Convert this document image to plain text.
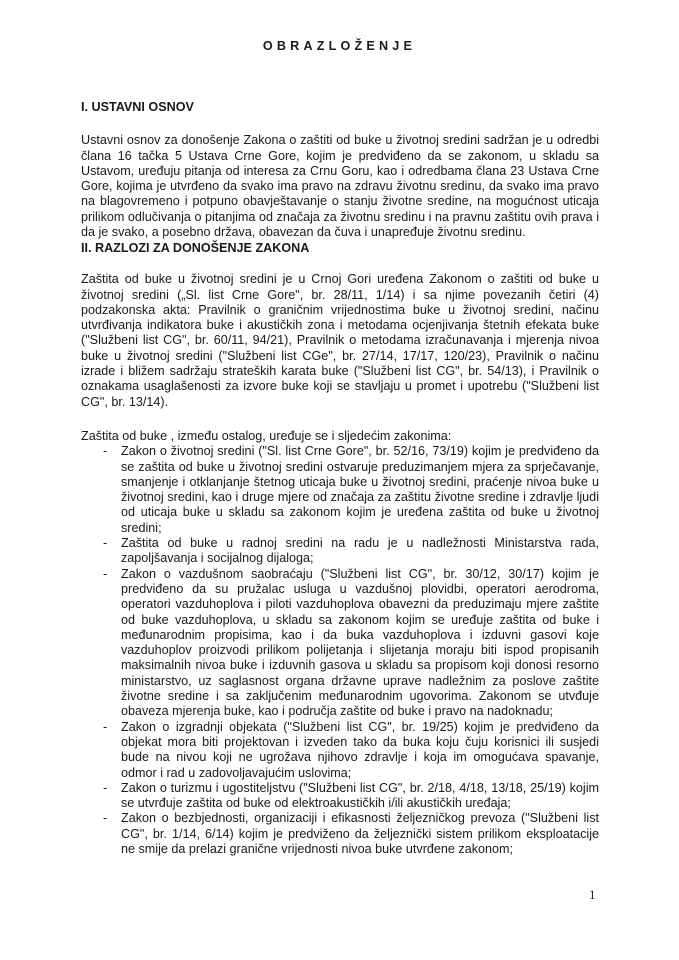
OBRAZLOŽENJE
I. USTAVNI OSNOV

Ustavni osnov za donošenje Zakona o zaštiti od buke u životnoj sredini sadržan je u odredbi člana 16 tačka 5 Ustava Crne Gore, kojim je predviđeno da se zakonom, u skladu sa Ustavom, uređuju pitanja od interesa za Crnu Goru, kao i odredbama člana 23 Ustava Crne Gore, kojima je utvrđeno da svako ima pravo na zdravu životnu sredinu, da svako ima pravo na blagovremeno i potpuno obavještavanje o stanju životne sredine, na mogućnost uticaja prilikom odlučivanja o pitanjima od značaja za životnu sredinu i na pravnu zaštitu ovih prava i da je svako, a posebno država, obavezan da čuva i unapređuje životnu sredinu.

II. RAZLOZI ZA DONOŠENJE ZAKONA

Zaštita od buke u životnoj sredini je u Crnoj Gori uređena Zakonom o zaštiti od buke u životnoj sredini („Sl. list Crne Gore", br. 28/11, 1/14) i sa njime povezanih četiri (4) podzakonska akta: Pravilnik o graničnim vrijednostima buke u životnoj sredini, načinu utvrđivanja indikatora buke i akustičkih zona i metodama ocjenjivanja štetnih efekata buke ("Službeni list CG", br. 60/11, 94/21), Pravilnik o metodama izračunavanja i mjerenja nivoa buke u životnoj sredini ("Službeni list CGe", br. 27/14, 17/17, 120/23), Pravilnik o načinu izrade i bližem sadržaju strateških karata buke ("Službeni list CG", br. 54/13), i Pravilnik o oznakama usaglašenosti za izvore buke koji se stavljaju u promet i upotrebu ("Službeni list CG", br. 13/14).

Zaštita od buke , između ostalog, uređuje se i sljedećim zakonima:

- Zakon o životnoj sredini ("Sl. list Crne Gore", br. 52/16, 73/19) kojim je predviđeno da se zaštita od buke u životnoj sredini ostvaruje preduzimanjem mjera za sprječavanje, smanjenje i otklanjanje štetnog uticaja buke u životnoj sredini, praćenje nivoa buke u životnoj sredini, kao i druge mjere od značaja za zaštitu životne sredine i zdravlje ljudi od uticaja buke u skladu sa zakonom kojim je uređena zaštita od buke u životnoj sredini;
- Zaštita od buke u radnoj sredini na radu je u nadležnosti Ministarstva rada, zapoljšavanja i socijalnog dijaloga;
- Zakon o vazdušnom saobraćaju ("Službeni list CG", br. 30/12, 30/17) kojim je predviđeno da su pružalac usluga u vazdušnoj plovidbi, operatori aerodroma, operatori vazduhoplova i piloti vazduhoplova obavezni da preduzimaju mjere zaštite od buke vazduhoplova, u skladu sa zakonom kojim se uređuje zaštita od buke i međunarodnim propisima, kao i da buka vazduhoplova i izduvni gasovi koje vazduhoplov proizvodi prilikom polijetanja i slijetanja moraju biti ispod propisanih maksimalnih nivoa buke i izduvnih gasova u skladu sa propisom koji donosi resorno ministarstvo, uz saglasnost organa državne uprave nadležnim za poslove zaštite životne sredine i sa zaključenim međunarodnim ugovorima. Zakonom se utvđuje obaveza mjerenja buke, kao i područja zaštite od buke i pravo na nadoknadu;
- Zakon o izgradnji objekata ("Službeni list CG", br. 19/25) kojim je predviđeno da objekat mora biti projektovan i izveden tako da buka koju čuju korisnici ili susjedi bude na nivou koji ne ugrožava njihovo zdravlje i koja im omogućava spavanje, odmor i rad u zadovoljavajućim uslovima;
- Zakon o turizmu i ugostiteljstvu ("Službeni list CG", br. 2/18, 4/18, 13/18, 25/19) kojim se utvrđuje zaštita od buke od elektroakustičkih i/ili akustičkih uređaja;
- Zakon o bezbjednosti, organizaciji i efikasnosti željezničkog prevoza ("Službeni list CG", br. 1/14, 6/14) kojim je predviženo da željeznički sistem prilikom eksploatacije ne smije da prelazi granične vrijednosti nivoa buke utvrđene zakonom;
1
